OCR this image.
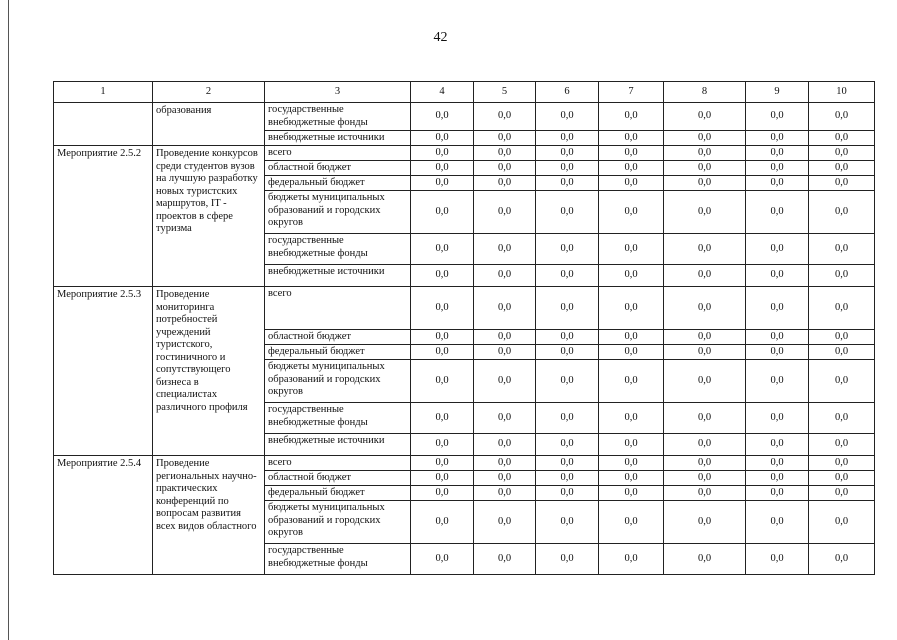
42
1	2	3	4	5	6	7	8	9	10
	образования	государственные внебюджетные фонды	0,0	0,0	0,0	0,0	0,0	0,0	0,0
		внебюджетные источники	0,0	0,0	0,0	0,0	0,0	0,0	0,0
Мероприятие 2.5.2	Проведение конкурсов среди студентов вузов на лучшую разработку новых туристских маршрутов, IT - проектов в сфере туризма	всего	0,0	0,0	0,0	0,0	0,0	0,0	0,0
		областной бюджет	0,0	0,0	0,0	0,0	0,0	0,0	0,0
		федеральный бюджет	0,0	0,0	0,0	0,0	0,0	0,0	0,0
		бюджеты муниципальных образований и городских округов	0,0	0,0	0,0	0,0	0,0	0,0	0,0
		государственные внебюджетные фонды	0,0	0,0	0,0	0,0	0,0	0,0	0,0
		внебюджетные источники	0,0	0,0	0,0	0,0	0,0	0,0	0,0
Мероприятие 2.5.3	Проведение мониторинга потребностей учреждений туристского, гостиничного и сопутствующего бизнеса в специалистах различного профиля	всего	0,0	0,0	0,0	0,0	0,0	0,0	0,0
		областной бюджет	0,0	0,0	0,0	0,0	0,0	0,0	0,0
		федеральный бюджет	0,0	0,0	0,0	0,0	0,0	0,0	0,0
		бюджеты муниципальных образований и городских округов	0,0	0,0	0,0	0,0	0,0	0,0	0,0
		государственные внебюджетные фонды	0,0	0,0	0,0	0,0	0,0	0,0	0,0
		внебюджетные источники	0,0	0,0	0,0	0,0	0,0	0,0	0,0
Мероприятие 2.5.4	Проведение региональных научно-практических конференций по вопросам развития всех видов областного	всего	0,0	0,0	0,0	0,0	0,0	0,0	0,0
		областной бюджет	0,0	0,0	0,0	0,0	0,0	0,0	0,0
		федеральный бюджет	0,0	0,0	0,0	0,0	0,0	0,0	0,0
		бюджеты муниципальных образований и городских округов	0,0	0,0	0,0	0,0	0,0	0,0	0,0
		государственные внебюджетные фонды	0,0	0,0	0,0	0,0	0,0	0,0	0,0
